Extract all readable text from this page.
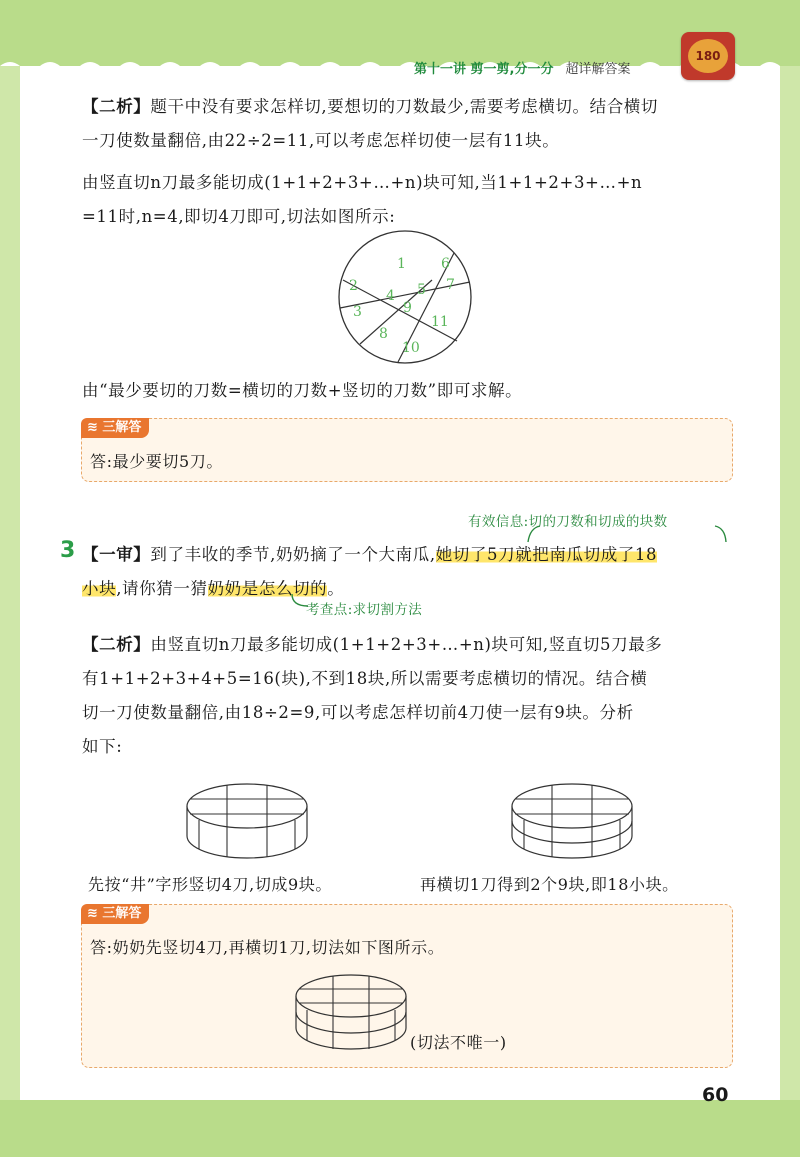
第十一讲 剪一剪,分一分 超详解答案
180
【二析】题干中没有要求怎样切,要想切的刀数最少,需要考虑横切。结合横切
一刀使数量翻倍,由22÷2=11,可以考虑怎样切使一层有11块。
由竖直切n刀最多能切成(1+1+2+3+…+n)块可知,当1+1+2+3+…+n
=11时,n=4,即切4刀即可,切法如图所示:
1
2
3
4 5
6
7
8
9
10
11
由“最少要切的刀数=横切的刀数+竖切的刀数”即可求解。
≋ 三解答
答:最少要切5刀。
有效信息:切的刀数和切成的块数
3 【一审】到了丰收的季节,奶奶摘了一个大南瓜,她切了5刀就把南瓜切成了18
小块,请你猜一猜奶奶是怎么切的。
考查点:求切割方法
【二析】由竖直切n刀最多能切成(1+1+2+3+…+n)块可知,竖直切5刀最多
有1+1+2+3+4+5=16(块),不到18块,所以需要考虑横切的情况。结合横
切一刀使数量翻倍,由18÷2=9,可以考虑怎样切前4刀使一层有9块。分析
如下:
先按“井”字形竖切4刀,切成9块。	再横切1刀得到2个9块,即18小块。
≋ 三解答
答:奶奶先竖切4刀,再横切1刀,切法如下图所示。
(切法不唯一)
60
